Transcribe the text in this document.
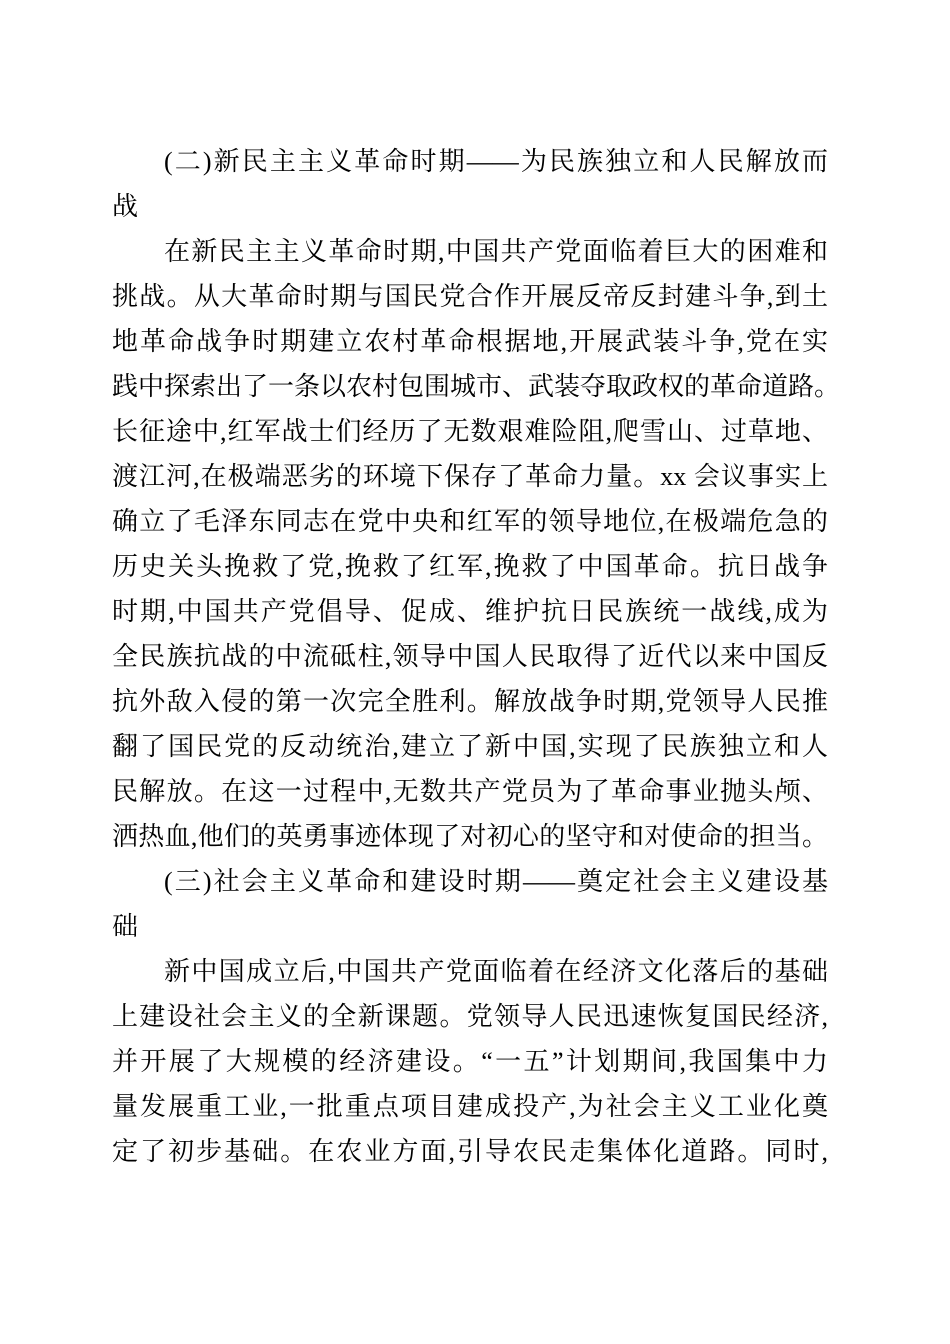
(二)新民主主义革命时期——为民族独立和人民解放而
战
在新民主主义革命时期,中国共产党面临着巨大的困难和
挑战。从大革命时期与国民党合作开展反帝反封建斗争,到土
地革命战争时期建立农村革命根据地,开展武装斗争,党在实
践中探索出了一条以农村包围城市、武装夺取政权的革命道路。
长征途中,红军战士们经历了无数艰难险阻,爬雪山、过草地、
渡江河,在极端恶劣的环境下保存了革命力量。xx 会议事实上
确立了毛泽东同志在党中央和红军的领导地位,在极端危急的
历史关头挽救了党,挽救了红军,挽救了中国革命。抗日战争
时期,中国共产党倡导、促成、维护抗日民族统一战线,成为
全民族抗战的中流砥柱,领导中国人民取得了近代以来中国反
抗外敌入侵的第一次完全胜利。解放战争时期,党领导人民推
翻了国民党的反动统治,建立了新中国,实现了民族独立和人
民解放。在这一过程中,无数共产党员为了革命事业抛头颅、
洒热血,他们的英勇事迹体现了对初心的坚守和对使命的担当。
(三)社会主义革命和建设时期——奠定社会主义建设基
础
新中国成立后,中国共产党面临着在经济文化落后的基础
上建设社会主义的全新课题。党领导人民迅速恢复国民经济,
并开展了大规模的经济建设。“一五”计划期间,我国集中力
量发展重工业,一批重点项目建成投产,为社会主义工业化奠
定了初步基础。在农业方面,引导农民走集体化道路。同时,
